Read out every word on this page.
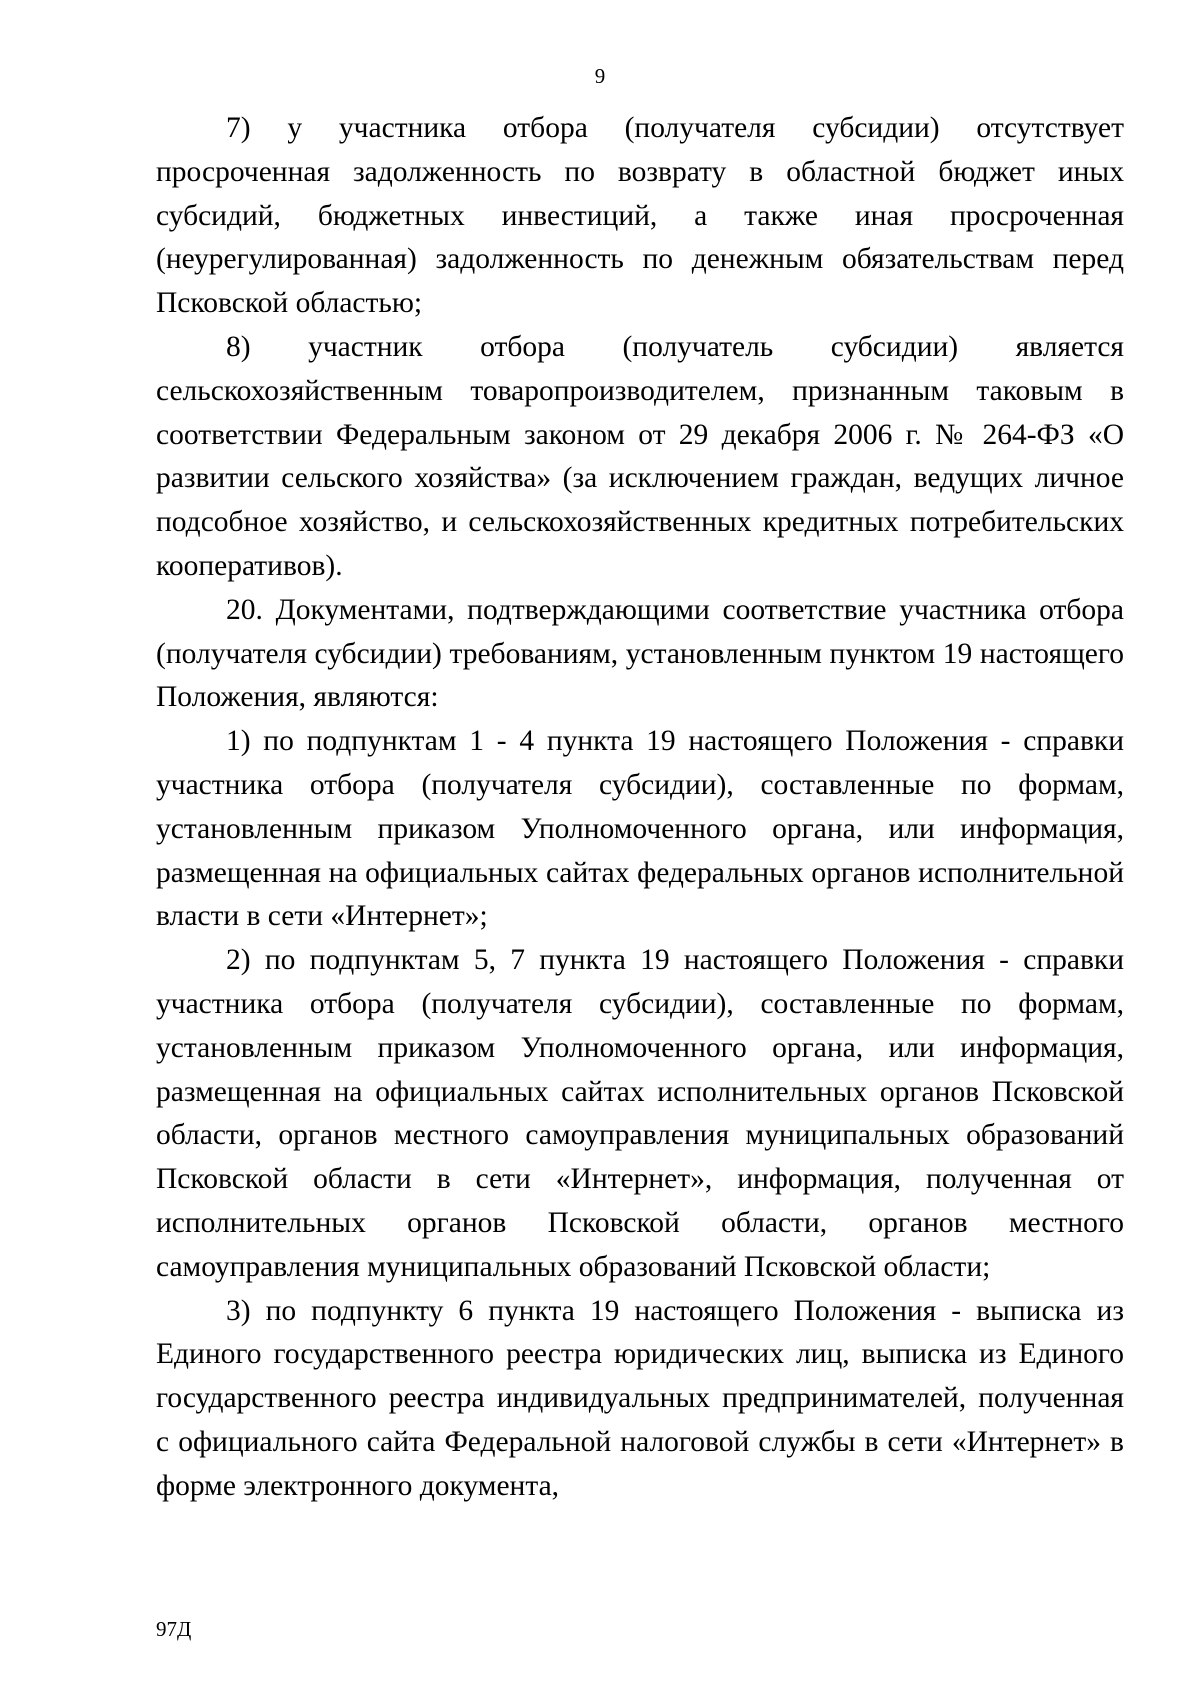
9

7) у участника отбора (получателя субсидии) отсутствует просроченная задолженность по возврату в областной бюджет иных субсидий, бюджетных инвестиций, а также иная просроченная (неурегулированная) задолженность по денежным обязательствам перед Псковской областью;

8) участник отбора (получатель субсидии) является сельскохозяйственным товаропроизводителем, признанным таковым в соответствии Федеральным законом от 29 декабря 2006 г. № 264-ФЗ «О развитии сельского хозяйства» (за исключением граждан, ведущих личное подсобное хозяйство, и сельскохозяйственных кредитных потребительских кооперативов).

20. Документами, подтверждающими соответствие участника отбора (получателя субсидии) требованиям, установленным пунктом 19 настоящего Положения, являются:

1) по подпунктам 1 - 4 пункта 19 настоящего Положения - справки участника отбора (получателя субсидии), составленные по формам, установленным приказом Уполномоченного органа, или информация, размещенная на официальных сайтах федеральных органов исполнительной власти в сети «Интернет»;

2) по подпунктам 5, 7 пункта 19 настоящего Положения - справки участника отбора (получателя субсидии), составленные по формам, установленным приказом Уполномоченного органа, или информация, размещенная на официальных сайтах исполнительных органов Псковской области, органов местного самоуправления муниципальных образований Псковской области в сети «Интернет», информация, полученная от исполнительных органов Псковской области, органов местного самоуправления муниципальных образований Псковской области;

3) по подпункту 6 пункта 19 настоящего Положения - выписка из Единого государственного реестра юридических лиц, выписка из Единого государственного реестра индивидуальных предпринимателей, полученная с официального сайта Федеральной налоговой службы в сети «Интернет» в форме электронного документа,

97Д
